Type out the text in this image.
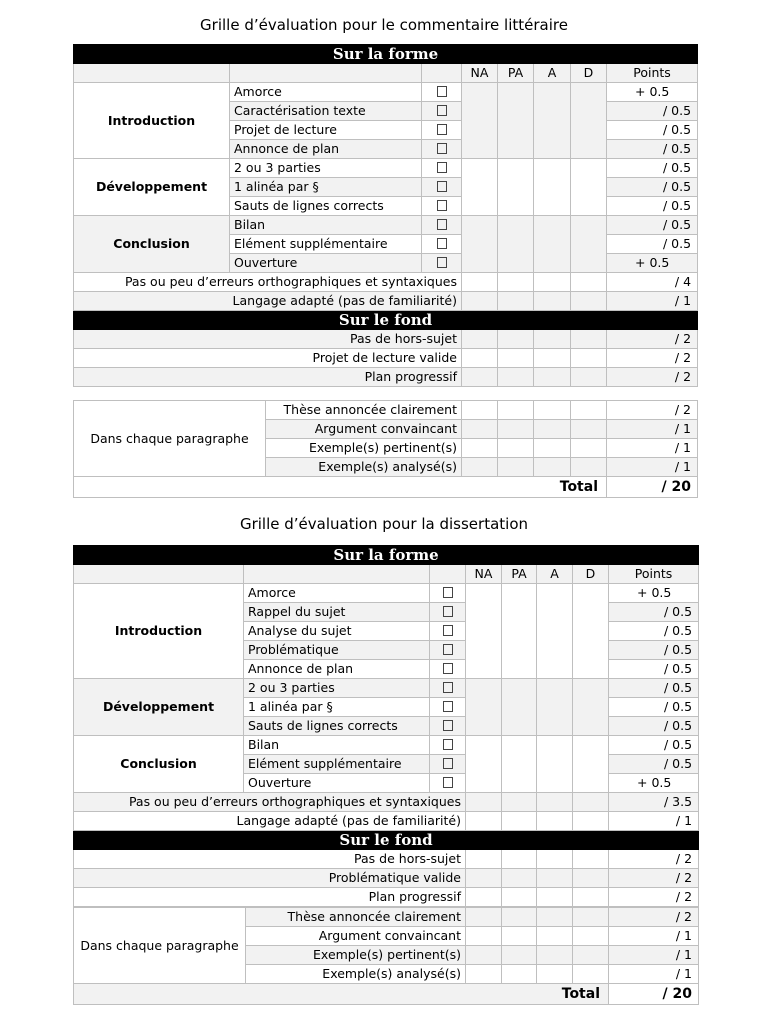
Grille d’évaluation pour le commentaire littéraire
Sur la forme							
			NA	PA	A	D	Points
Introduction	Amorce						+ 0.5
	Caractérisation texte						/ 0.5
	Projet de lecture						/ 0.5
	Annonce de plan						/ 0.5
Développement	2 ou 3 parties						/ 0.5
	1 alinéa par §						/ 0.5
	Sauts de lignes corrects						/ 0.5
Conclusion	Bilan						/ 0.5
	Elément supplémentaire						/ 0.5
	Ouverture						+ 0.5
Pas ou peu d’erreurs orthographiques et syntaxiques							/ 4
Langage adapté (pas de familiarité)							/ 1
Sur le fond							
Pas de hors-sujet							/ 2
Projet de lecture valide							/ 2
Plan progressif							/ 2
Dans chaque paragraphe	Thèse annoncée clairement					/ 2
	Argument convaincant					/ 1
	Exemple(s) pertinent(s)					/ 1
	Exemple(s) analysé(s)					/ 1
Total						/ 20
Grille d’évaluation pour la dissertation
Sur la forme							
			NA	PA	A	D	Points
Introduction	Amorce						+ 0.5
	Rappel du sujet						/ 0.5
	Analyse du sujet						/ 0.5
	Problématique						/ 0.5
	Annonce de plan						/ 0.5
Développement	2 ou 3 parties						/ 0.5
	1 alinéa par §						/ 0.5
	Sauts de lignes corrects						/ 0.5
Conclusion	Bilan						/ 0.5
	Elément supplémentaire						/ 0.5
	Ouverture						+ 0.5
Pas ou peu d’erreurs orthographiques et syntaxiques							/ 3.5
Langage adapté (pas de familiarité)							/ 1
Sur le fond							
Pas de hors-sujet							/ 2
Problématique valide							/ 2
Plan progressif							/ 2
Dans chaque paragraphe	Thèse annoncée clairement					/ 2
	Argument convaincant					/ 1
	Exemple(s) pertinent(s)					/ 1
	Exemple(s) analysé(s)					/ 1
Total						/ 20
